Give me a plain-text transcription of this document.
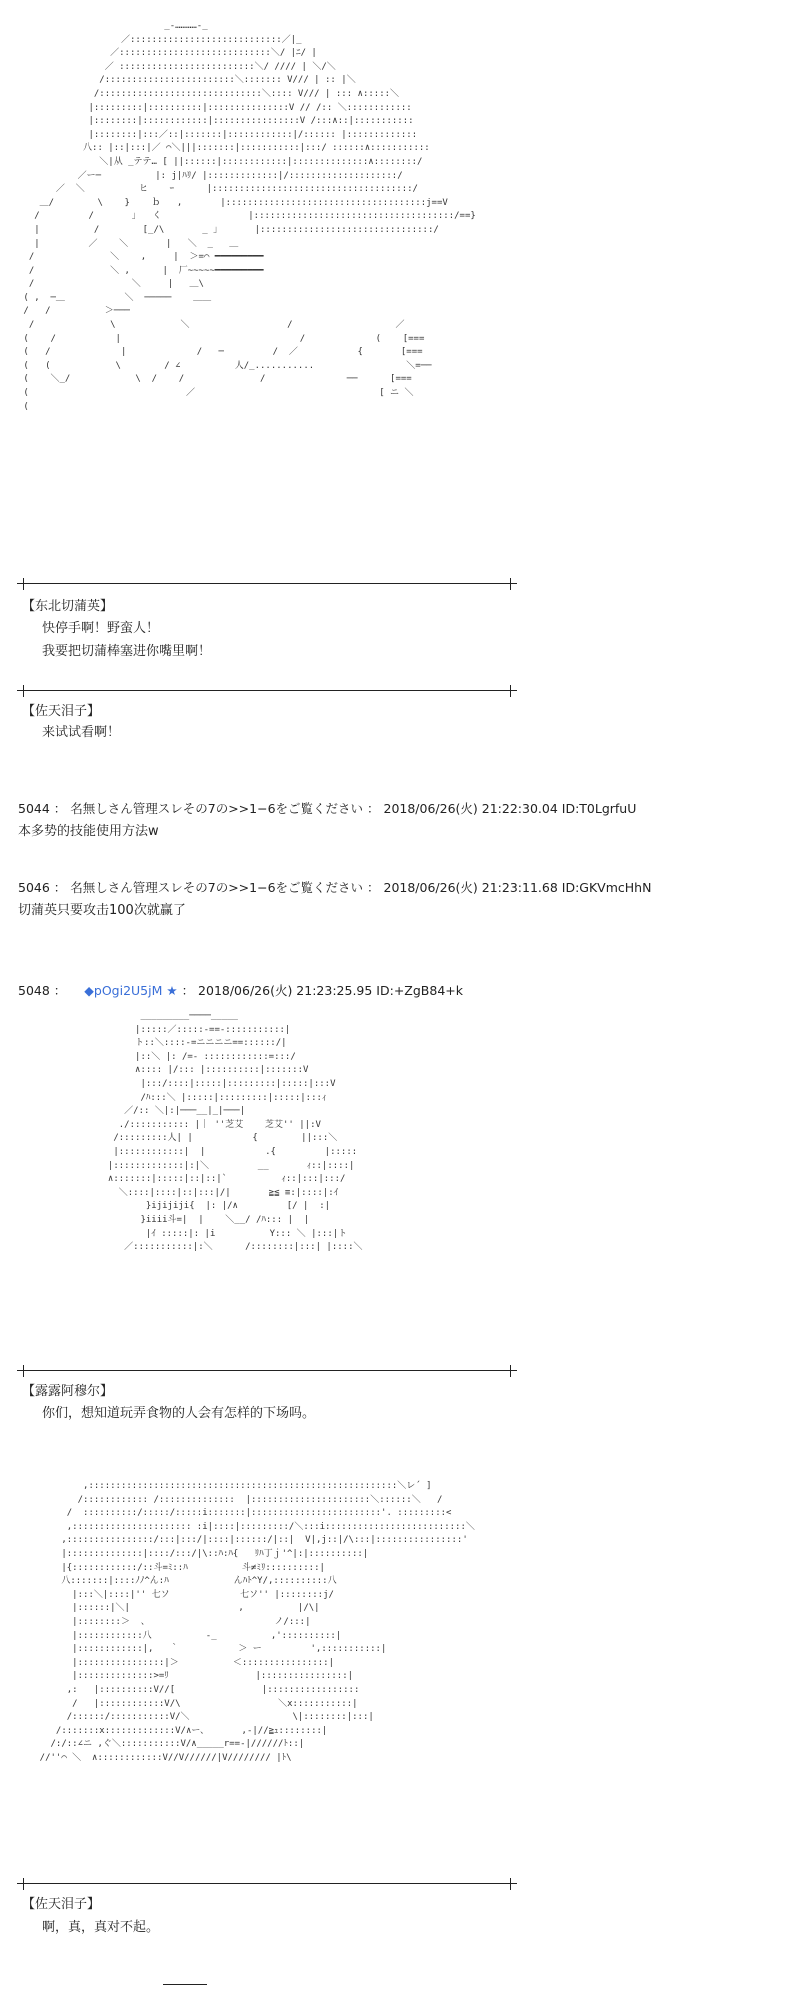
_-…………-_
／::::::::::::::::::::::::::::／|_
／::::::::::::::::::::::::::::＼/ |ﾆ/ |
／ :::::::::::::::::::::::::＼/ //// | ＼/＼
/::::::::::::::::::::::::＼::::::: V/// | :: |＼
/::::::::::::::::::::::::::::::＼:::: V/// | ::: ∧:::::＼
|:::::::::|::::::::::|:::::::::::::::V // /:: ＼::::::::::::
|::::::::|::::::::::::|::::::::::::::::V /:::∧::|:::::::::::
|::::::::|:::／::|:::::::|::::::::::::|/:::::: |:::::::::::::
八:: |::|:::|／ ⌒＼|||:::::::|:::::::::::|:::/ ::::::∧:::::::::::
＼|从 _テテ… [ ||::::::|::::::::::::|::::::::::::::∧::::::::/
／ー─          |: j|ﾊﾘ/ |:::::::::::::|/::::::::::::::::::::/
／  ＼          ヒ    ｰ      |:::::::::::::::::::::::::::::::::::::/
＿/        \    }    ｂ   ,       |:::::::::::::::::::::::::::::::::::::j==V
/         /       ｣   く                |:::::::::::::::::::::::::::::::::::::/==}
|          /        [_/\       _ 」      |::::::::::::::::::::::::::::::::/
|         ／    ＼       |   ＼  _   ＿
/              ＼    ,     |  ＞=⌒ ━━━━━━━━━
/              ＼ ,      |  厂~~~~~━━━━━━━━━
/                  ＼     |   ＿\
( ,  ─＿           ＼  ─────    ＿＿
/   /          ＞───
/              \            ＼                  /                   ／
(    /           |                                 /             (    [===
(   /             |             /   ─         /  ／           {       [===
(   (            \        / ∠          人/_...........                 ＼=──
(    ＼_/            \  /    /              /               ──      [===
(                             ／                                  [ ニ ＼
(
【东北切蒲英】
快停手啊！野蛮人！
我要把切蒲棒塞进你嘴里啊！
【佐天泪子】
来试试看啊！
5044 ： 名無しさん管理スレその7の>>1−6をご覧ください ： 2018/06/26(火) 21:22:30.04 ID:T0LgrfuU
本多势的技能使用方法w
5046 ： 名無しさん管理スレその7の>>1−6をご覧ください ： 2018/06/26(火) 21:23:11.68 ID:GKVmcHhN
切蒲英只要攻击100次就赢了
5048 ： ◆pOgi2U5jM ★ ： 2018/06/26(火) 21:23:25.95 ID:+ZgB84+k
_________────_____
|:::::／:::::-==-:::::::::::|
ト::＼::::-=ニニニニ==::::::/|
|::＼ |: /=- ::::::::::::=:::/
∧:::: |/::: |::::::::::|:::::::V
|:::/::::|:::::|:::::::::|:::::|:::V
/ﾊ:::＼ |:::::|:::::::::|:::::|:::ｨ
／/:: ＼|:|───__|_|───|
./::::::::::: |｜ ''芝艾    芝艾'' ||:V
/:::::::::人| |           {        ||:::＼
|::::::::::::|  |           .{         |:::::
|:::::::::::::|:|＼         __       ｨ::|::::|
∧:::::::|:::::|::|::|`          ｨ::|:::|:::/
＼::::|::::|::|:::|/|       ≧≦ ≡:|::::|:ｲ
}ijijiji{  |: |/∧         [/ |  :|
}iiii斗=|  |    ＼__/ /ﾊ::: |  |
|ｲ :::::|: |i          Y::: ＼ |:::|ト
／:::::::::::|:＼      /::::::::|:::| |::::＼
【露露阿穆尔】
你们，想知道玩弄食物的人会有怎样的下场吗。
,:::::::::::::::::::::::::::::::::::::::::::::::::::::::::＼レ´ ]
/:::::::::::: /::::::::::::::  |::::::::::::::::::::::＼::::::＼   /
/  ::::::::::/:::::/:::::i:::::::|::::::::::::::::::::::::'. :::::::::<
,:::::::::::::::::::::: :i|::::|:::::::::/＼:::i::::::::::::::::::::::::::＼
,::::::::::::::::/:::|:::/|::::|::::::/|::|  V|,j::|/\:::|::::::::::::::::'
|::::::::::::::|::::/:::/|\::ﾊ:ﾊ{   ﾘﾊ丁ｊ'^|:|::::::::::|
|{::::::::::::/::斗=ﾐ::ﾊ          斗≠ﾐﾘ::::::::::|
八:::::::|::::ﾉﾉ^ん:ﾊ            んﾊﾄ^Y/,::::::::::八
|:::＼|::::|'' 七ソ             七ソ'' |::::::::j/
|::::::|＼|                    ,          |/\|
|::::::::＞  、                       ノ/:::|
|::::::::::::八          -_          ,'::::::::::|
|::::::::::::|,   ｀           ＞ ー         ',:::::::::::|
|::::::::::::::::|＞          ＜::::::::::::::::|
|::::::::::::::>=ﾘ                |::::::::::::::::|
,:   |::::::::::V//[                |:::::::::::::::::
/   |::::::::::::V/\                  ＼x:::::::::::|
/::::::/:::::::::::V/＼                   \|::::::::|:::|
/:::::::x:::::::::::::V/∧ー、      ,-|//≧ｭ::::::::|
/:/::∠ニ ,ぐ＼:::::::::::V/∧_____r==-|//////ﾄ::|
//''⌒ ＼  ∧::::::::::::V//V//////|V//////// |ﾄ\
【佐天泪子】
啊，真，真对不起。
